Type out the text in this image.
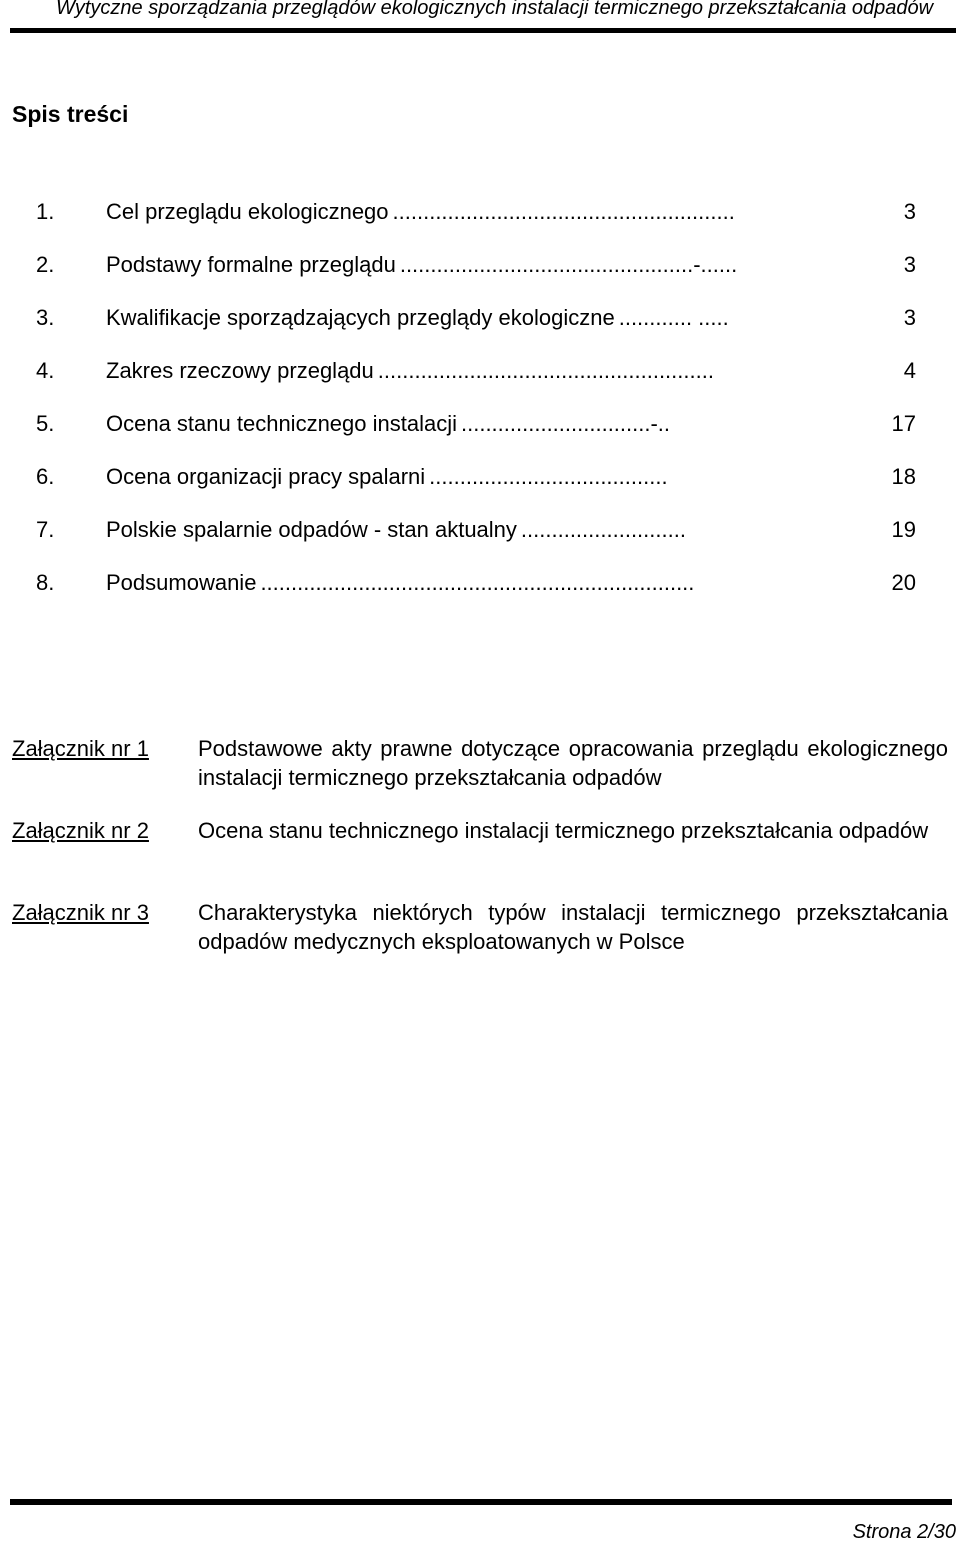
Wytyczne sporządzania przeglądów ekologicznych instalacji termicznego przekształcania odpadów
Spis treści
1.	Cel przeglądu ekologicznego ........................................................	3
2.	Podstawy formalne przeglądu ................................................-......	3
3.	Kwalifikacje sporządzających przeglądy ekologiczne ............ .....	3
4.	Zakres rzeczowy przeglądu .......................................................	4
5.	Ocena stanu technicznego instalacji ...............................-..	17
6.	Ocena organizacji pracy spalarni .......................................	18
7.	Polskie spalarnie odpadów - stan aktualny ...........................	19
8.	Podsumowanie .......................................................................	20
Załącznik nr 1 Podstawowe akty prawne dotyczące opracowania przeglądu ekologicznego instalacji termicznego przekształcania odpadów
Załącznik nr 2 Ocena stanu technicznego instalacji termicznego przekształcania odpadów
Załącznik nr 3 Charakterystyka niektórych typów instalacji termicznego przekształcania odpadów medycznych eksploatowanych w Polsce
Strona 2/30
